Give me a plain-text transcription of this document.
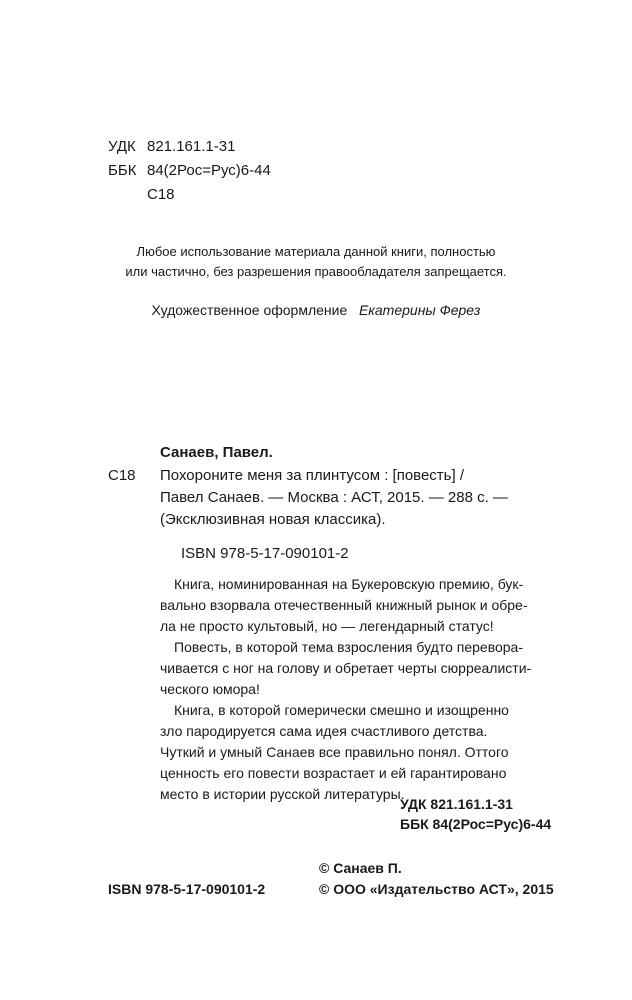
УДК 821.161.1-31
ББК 84(2Рос=Рус)6-44
С18
Любое использование материала данной книги, полностью
или частично, без разрешения правообладателя запрещается.
Художественное оформление Екатерины Ферез
Санаев, Павел.
С18 Похороните меня за плинтусом : [повесть] /
Павел Санаев. — Москва : АСТ, 2015. — 288 с. —
(Эксклюзивная новая классика).
ISBN 978-5-17-090101-2
Книга, номинированная на Букеровскую премию, бук-
вально взорвала отечественный книжный рынок и обре-
ла не просто культовый, но — легендарный статус!
Повесть, в которой тема взросления будто перевора-
чивается с ног на голову и обретает черты сюрреалисти-
ческого юмора!
Книга, в которой гомерически смешно и изощренно
зло пародируется сама идея счастливого детства.
Чуткий и умный Санаев все правильно понял. Оттого
ценность его повести возрастает и ей гарантировано
место в истории русской литературы.
УДК 821.161.1-31
ББК 84(2Рос=Рус)6-44
© Санаев П.
ISBN 978-5-17-090101-2	© ООО «Издательство АСТ», 2015
